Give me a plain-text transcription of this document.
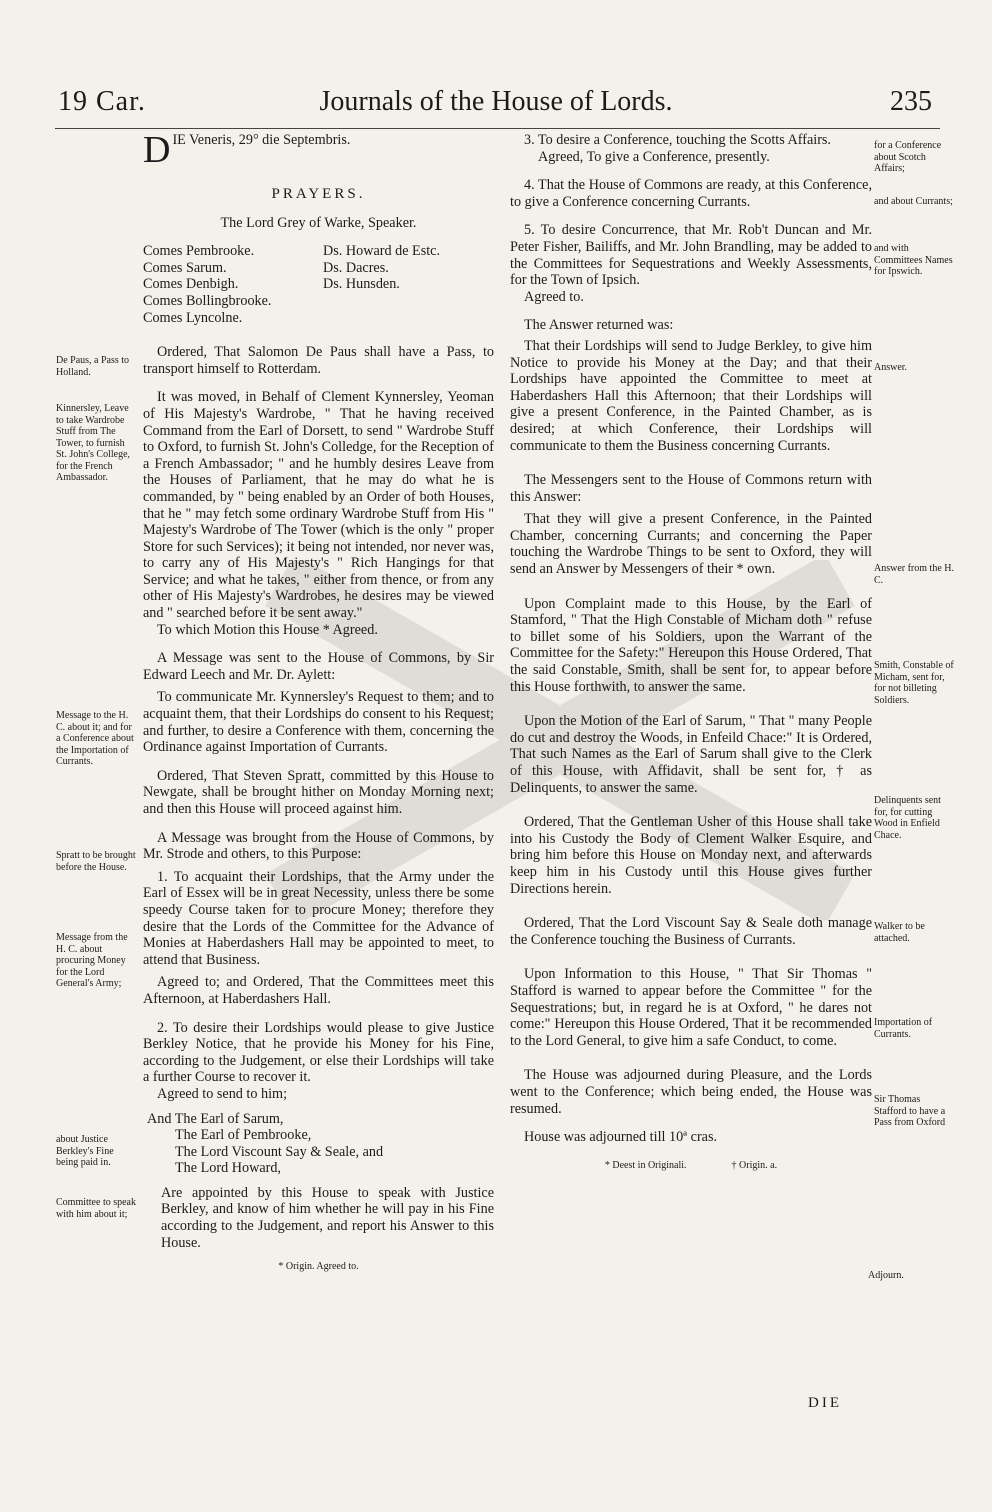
19 Car.	Journals of the House of Lords.	235
De Paus, a Pass to Holland.
Kinnersley, Leave to take Wardrobe Stuff from The Tower, to furnish St. John's College, for the French Ambassador.
Message to the H. C. about it; and for a Conference about the Importation of Currants.
Spratt to be brought before the House.
Message from the H. C. about procuring Money for the Lord General's Army;
about Justice Berkley's Fine being paid in.
Committee to speak with him about it;
for a Conference about Scotch Affairs;
and about Currants;
and with Committees Names for Ipswich.
Answer.
Answer from the H. C.
Smith, Constable of Micham, sent for, for not billeting Soldiers.
Delinquents sent for, for cutting Wood in Enfield Chace.
Walker to be attached.
Importation of Currants.
Sir Thomas Stafford to have a Pass from Oxford
Adjourn.

DIE Veneris, 29° die Septembris.

PRAYERS.

The Lord Grey of Warke, Speaker.

Comes Pembrooke.
Comes Sarum.
Comes Denbigh.
Comes Bollingbrooke.
Comes Lyncolne.
Ds. Howard de Estc.
Ds. Dacres.
Ds. Hunsden.

Ordered, That Salomon De Paus shall have a Pass, to transport himself to Rotterdam.

It was moved, in Behalf of Clement Kynnersley, Yeoman of His Majesty's Wardrobe, " That he having received Command from the Earl of Dorsett, to send " Wardrobe Stuff to Oxford, to furnish St. John's Colledge, for the Reception of a French Ambassador; " and he humbly desires Leave from the Houses of Parliament, that he may do what he is commanded, by " being enabled by an Order of both Houses, that he " may fetch some ordinary Wardrobe Stuff from His " Majesty's Wardrobe of The Tower (which is the only " proper Store for such Services); it being not intended, nor never was, to carry any of His Majesty's " Rich Hangings for that Service; and what he takes, " either from thence, or from any other of His Majesty's Wardrobes, he desires may be viewed and " searched before it be sent away."

To which Motion this House * Agreed.

A Message was sent to the House of Commons, by Sir Edward Leech and Mr. Dr. Aylett:

To communicate Mr. Kynnersley's Request to them; and to acquaint them, that their Lordships do consent to his Request; and further, to desire a Conference with them, concerning the Ordinance against Importation of Currants.

Ordered, That Steven Spratt, committed by this House to Newgate, shall be brought hither on Monday Morning next; and then this House will proceed against him.

A Message was brought from the House of Commons, by Mr. Strode and others, to this Purpose:

1. To acquaint their Lordships, that the Army under the Earl of Essex will be in great Necessity, unless there be some speedy Course taken for to procure Money; therefore they desire that the Lords of the Committee for the Advance of Monies at Haberdashers Hall may be appointed to meet, to attend that Business.

Agreed to; and Ordered, That the Committees meet this Afternoon, at Haberdashers Hall.

2. To desire their Lordships would please to give Justice Berkley Notice, that he provide his Money for his Fine, according to the Judgement, or else their Lordships will take a further Course to recover it.

Agreed to send to him;

And The Earl of Sarum,
The Earl of Pembrooke,
The Lord Viscount Say & Seale, and
The Lord Howard,

Are appointed by this House to speak with Justice Berkley, and know of him whether he will pay in his Fine according to the Judgement, and report his Answer to this House.

* Origin. Agreed to.

3. To desire a Conference, touching the Scotts Affairs.

Agreed, To give a Conference, presently.

4. That the House of Commons are ready, at this Conference, to give a Conference concerning Currants.

5. To desire Concurrence, that Mr. Rob't Duncan and Mr. Peter Fisher, Bailiffs, and Mr. John Brandling, may be added to the Committees for Sequestrations and Weekly Assessments, for the Town of Ipsich.

Agreed to.

The Answer returned was:

That their Lordships will send to Judge Berkley, to give him Notice to provide his Money at the Day; and that their Lordships have appointed the Committee to meet at Haberdashers Hall this Afternoon; that their Lordships will give a present Conference, in the Painted Chamber, as is desired; at which Conference, their Lordships will communicate to them the Business concerning Currants.

The Messengers sent to the House of Commons return with this Answer:

That they will give a present Conference, in the Painted Chamber, concerning Currants; and concerning the Paper touching the Wardrobe Things to be sent to Oxford, they will send an Answer by Messengers of their * own.

Upon Complaint made to this House, by the Earl of Stamford, " That the High Constable of Micham doth " refuse to billet some of his Soldiers, upon the Warrant of the Committee for the Safety:" Hereupon this House Ordered, That the said Constable, Smith, shall be sent for, to appear before this House forthwith, to answer the same.

Upon the Motion of the Earl of Sarum, " That " many People do cut and destroy the Woods, in Enfeild Chace:" It is Ordered, That such Names as the Earl of Sarum shall give to the Clerk of this House, with Affidavit, shall be sent for, † as Delinquents, to answer the same.

Ordered, That the Gentleman Usher of this House shall take into his Custody the Body of Clement Walker Esquire, and bring him before this House on Monday next, and afterwards keep him in his Custody until this House gives further Directions herein.

Ordered, That the Lord Viscount Say & Seale doth manage the Conference touching the Business of Currants.

Upon Information to this House, " That Sir Thomas " Stafford is warned to appear before the Committee " for the Sequestrations; but, in regard he is at Oxford, " he dares not come:" Hereupon this House Ordered, That it be recommended to the Lord General, to give him a safe Conduct, to come.

The House was adjourned during Pleasure, and the Lords went to the Conference; which being ended, the House was resumed.

House was adjourned till 10ª cras.

* Deest in Originali.	† Origin. a.
DIE
